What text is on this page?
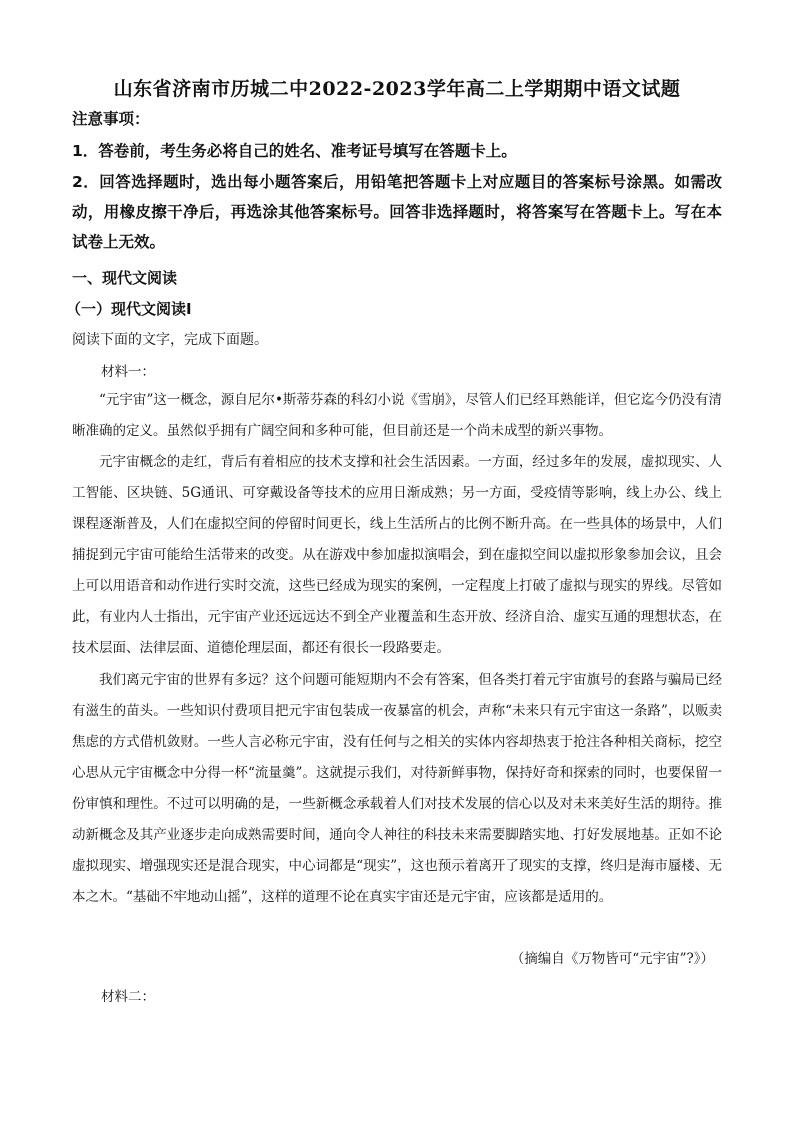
山东省济南市历城二中2022-2023学年高二上学期期中语文试题
注意事项：
1．答卷前，考生务必将自己的姓名、准考证号填写在答题卡上。
2．回答选择题时，选出每小题答案后，用铅笔把答题卡上对应题目的答案标号涂黑。如需改动，用橡皮擦干净后，再选涂其他答案标号。回答非选择题时，将答案写在答题卡上。写在本试卷上无效。
一、现代文阅读
（一）现代文阅读Ⅰ
阅读下面的文字，完成下面题。
材料一：
“元宇宙”这一概念，源自尼尔•斯蒂芬森的科幻小说《雪崩》，尽管人们已经耳熟能详，但它迄今仍没有清晰准确的定义。虽然似乎拥有广阔空间和多种可能，但目前还是一个尚未成型的新兴事物。
元宇宙概念的走红，背后有着相应的技术支撑和社会生活因素。一方面，经过多年的发展，虚拟现实、人工智能、区块链、5G通讯、可穿戴设备等技术的应用日渐成熟；另一方面，受疫情等影响，线上办公、线上课程逐渐普及，人们在虚拟空间的停留时间更长，线上生活所占的比例不断升高。在一些具体的场景中，人们捕捉到元宇宙可能给生活带来的改变。从在游戏中参加虚拟演唱会，到在虚拟空间以虚拟形象参加会议，且会上可以用语音和动作进行实时交流，这些已经成为现实的案例，一定程度上打破了虚拟与现实的界线。尽管如此，有业内人士指出，元宇宙产业还远远达不到全产业覆盖和生态开放、经济自洽、虚实互通的理想状态，在技术层面、法律层面、道德伦理层面，都还有很长一段路要走。
我们离元宇宙的世界有多远？这个问题可能短期内不会有答案，但各类打着元宇宙旗号的套路与骗局已经有滋生的苗头。一些知识付费项目把元宇宙包装成一夜暴富的机会，声称“未来只有元宇宙这一条路”，以贩卖焦虑的方式借机敛财。一些人言必称元宇宙，没有任何与之相关的实体内容却热衷于抢注各种相关商标，挖空心思从元宇宙概念中分得一杯“流量羹”。这就提示我们，对待新鲜事物，保持好奇和探索的同时，也要保留一份审慎和理性。不过可以明确的是，一些新概念承载着人们对技术发展的信心以及对未来美好生活的期待。推动新概念及其产业逐步走向成熟需要时间，通向令人神往的科技未来需要脚踏实地、打好发展地基。正如不论虚拟现实、增强现实还是混合现实，中心词都是“现实”，这也预示着离开了现实的支撑，终归是海市蜃楼、无本之木。“基础不牢地动山摇”，这样的道理不论在真实宇宙还是元宇宙，应该都是适用的。
（摘编自《万物皆可“元宇宙”?》）
材料二：
